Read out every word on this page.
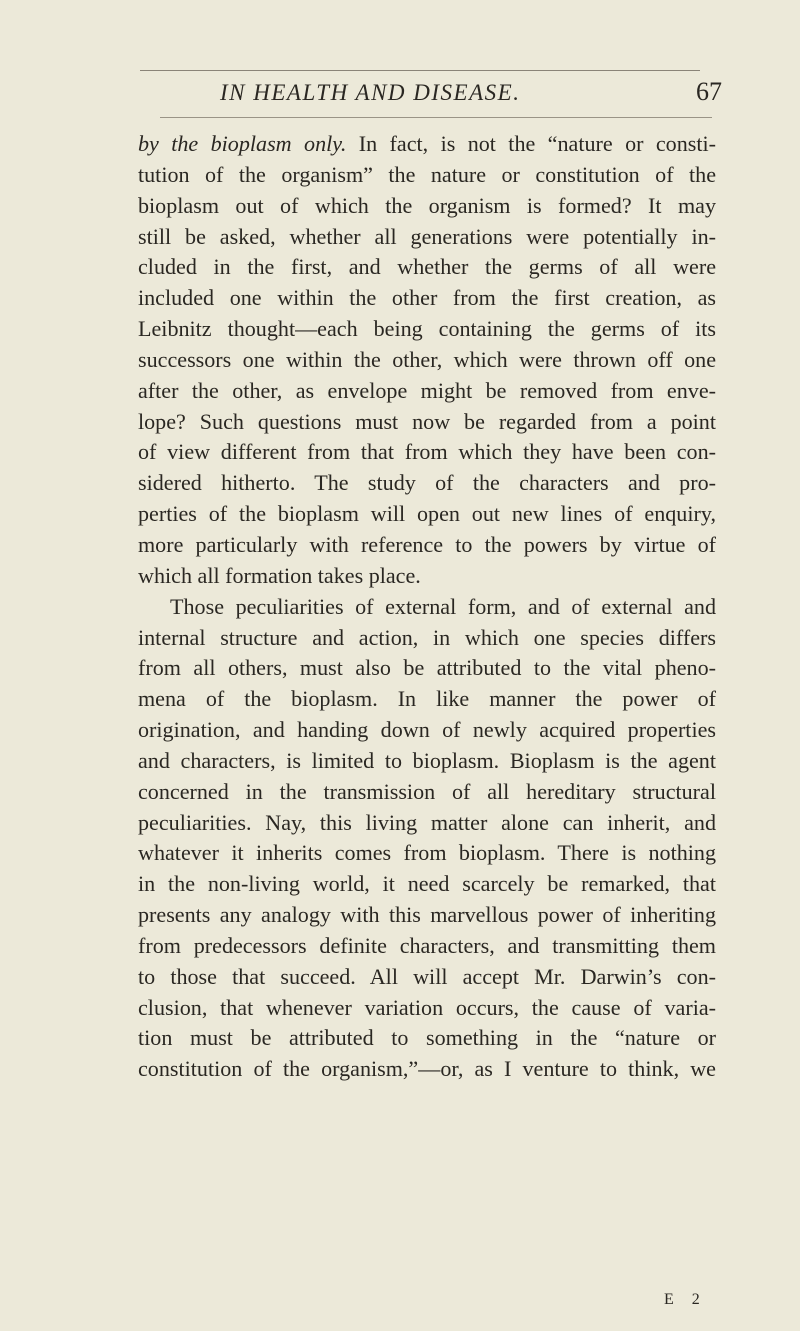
IN HEALTH AND DISEASE.	67
by the bioplasm only. In fact, is not the “nature or consti-
tution of the organism” the nature or constitution of the
bioplasm out of which the organism is formed? It may
still be asked, whether all generations were potentially in-
cluded in the first, and whether the germs of all were
included one within the other from the first creation, as
Leibnitz thought—each being containing the germs of its
successors one within the other, which were thrown off one
after the other, as envelope might be removed from enve-
lope? Such questions must now be regarded from a point
of view different from that from which they have been con-
sidered hitherto. The study of the characters and pro-
perties of the bioplasm will open out new lines of enquiry,
more particularly with reference to the powers by virtue of
which all formation takes place.
Those peculiarities of external form, and of external and
internal structure and action, in which one species differs
from all others, must also be attributed to the vital pheno-
mena of the bioplasm. In like manner the power of
origination, and handing down of newly acquired properties
and characters, is limited to bioplasm. Bioplasm is the agent
concerned in the transmission of all hereditary structural
peculiarities. Nay, this living matter alone can inherit, and
whatever it inherits comes from bioplasm. There is nothing
in the non-living world, it need scarcely be remarked, that
presents any analogy with this marvellous power of inheriting
from predecessors definite characters, and transmitting them
to those that succeed. All will accept Mr. Darwin’s con-
clusion, that whenever variation occurs, the cause of varia-
tion must be attributed to something in the “nature or
constitution of the organism,”—or, as I venture to think, we
E 2
